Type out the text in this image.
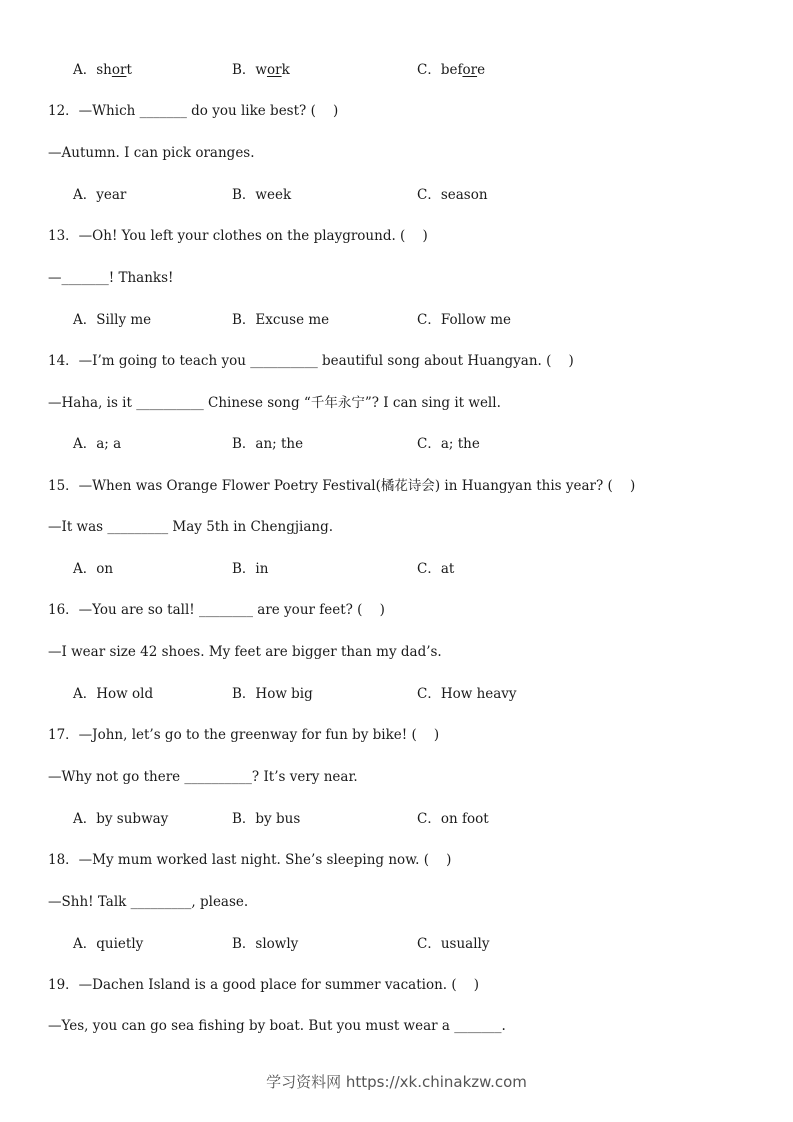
A．short	B．work	C．before
12．—Which _______ do you like best? (    )
—Autumn. I can pick oranges.
A．year	B．week	C．season
13．—Oh! You left your clothes on the playground. (    )
—_______! Thanks!
A．Silly me	B．Excuse me	C．Follow me
14．—I’m going to teach you __________ beautiful song about Huangyan. (    )
—Haha, is it __________ Chinese song “千年永宁”? I can sing it well.
A．a; a	B．an; the	C．a; the
15．—When was Orange Flower Poetry Festival(橘花诗会) in Huangyan this year? (    )
—It was _________ May 5th in Chengjiang.
A．on	B．in	C．at
16．—You are so tall! ________ are your feet? (    )
—I wear size 42 shoes. My feet are bigger than my dad’s.
A．How old	B．How big	C．How heavy
17．—John, let’s go to the greenway for fun by bike! (    )
—Why not go there __________? It’s very near.
A．by subway	B．by bus	C．on foot
18．—My mum worked last night. She’s sleeping now. (    )
—Shh! Talk _________, please.
A．quietly	B．slowly	C．usually
19．—Dachen Island is a good place for summer vacation. (    )
—Yes, you can go sea fishing by boat. But you must wear a _______.
学习资料网 https://xk.chinakzw.com
